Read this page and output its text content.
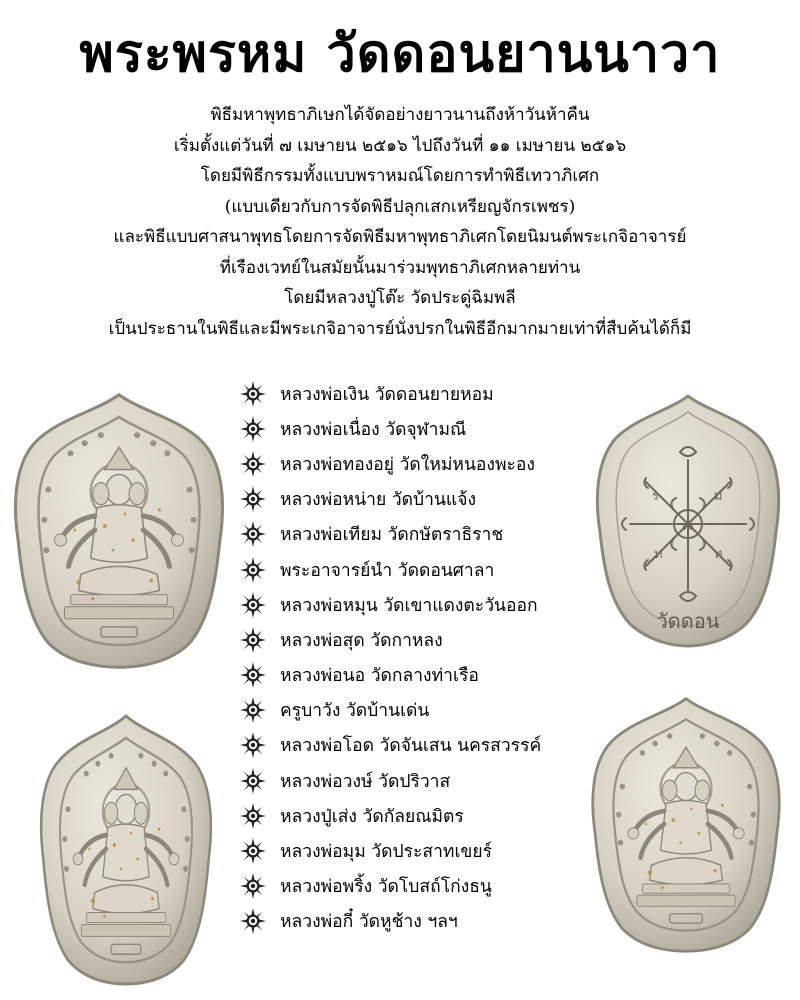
พระพรหม วัดดอนยานนาวา
พิธีมหาพุทธาภิเษกได้จัดอย่างยาวนานถึงห้าวันห้าคืน
เริ่มตั้งแต่วันที่ ๗ เมษายน ๒๕๑๖ ไปถึงวันที่ ๑๑ เมษายน ๒๕๑๖
โดยมีพิธีกรรมทั้งแบบพราหมณ์โดยการทำพิธีเทวาภิเศก
(แบบเดียวกับการจัดพิธีปลุกเสกเหรียญจักรเพชร)
และพิธีแบบศาสนาพุทธโดยการจัดพิธีมหาพุทธาภิเศกโดยนิมนต์พระเกจิอาจารย์
ที่เรืองเวทย์ในสมัยนั้นมาร่วมพุทธาภิเศกหลายท่าน
โดยมีหลวงปู่โต๊ะ วัดประดู่ฉิมพลี
เป็นประธานในพิธีและมีพระเกจิอาจารย์นั่งปรกในพิธีอีกมากมายเท่าที่สืบค้นได้ก็มี
ร	ม
ท	ท
ฒ
วัดดอน
หลวงพ่อเงิน วัดดอนยายหอม
หลวงพ่อเนื่อง วัดจุฬามณี
หลวงพ่อทองอยู่ วัดใหม่หนองพะอง
หลวงพ่อหน่าย วัดบ้านแจ้ง
หลวงพ่อเทียม วัดกษัตราธิราช
พระอาจารย์นำ วัดดอนศาลา
หลวงพ่อหมุน วัดเขาแดงตะวันออก
หลวงพ่อสุด วัดกาหลง
หลวงพ่อนอ วัดกลางท่าเรือ
ครูบาวัง วัดบ้านเด่น
หลวงพ่อโอด วัดจันเสน นครสวรรค์
หลวงพ่อวงษ์ วัดปริวาส
หลวงปู่เส่ง วัดกัลยณมิตร
หลวงพ่อมุม วัดประสาทเขยร์
หลวงพ่อพริ้ง วัดโบสถ์โก่งธนู
หลวงพ่อกี๋ วัดหูช้าง ฯลฯ
